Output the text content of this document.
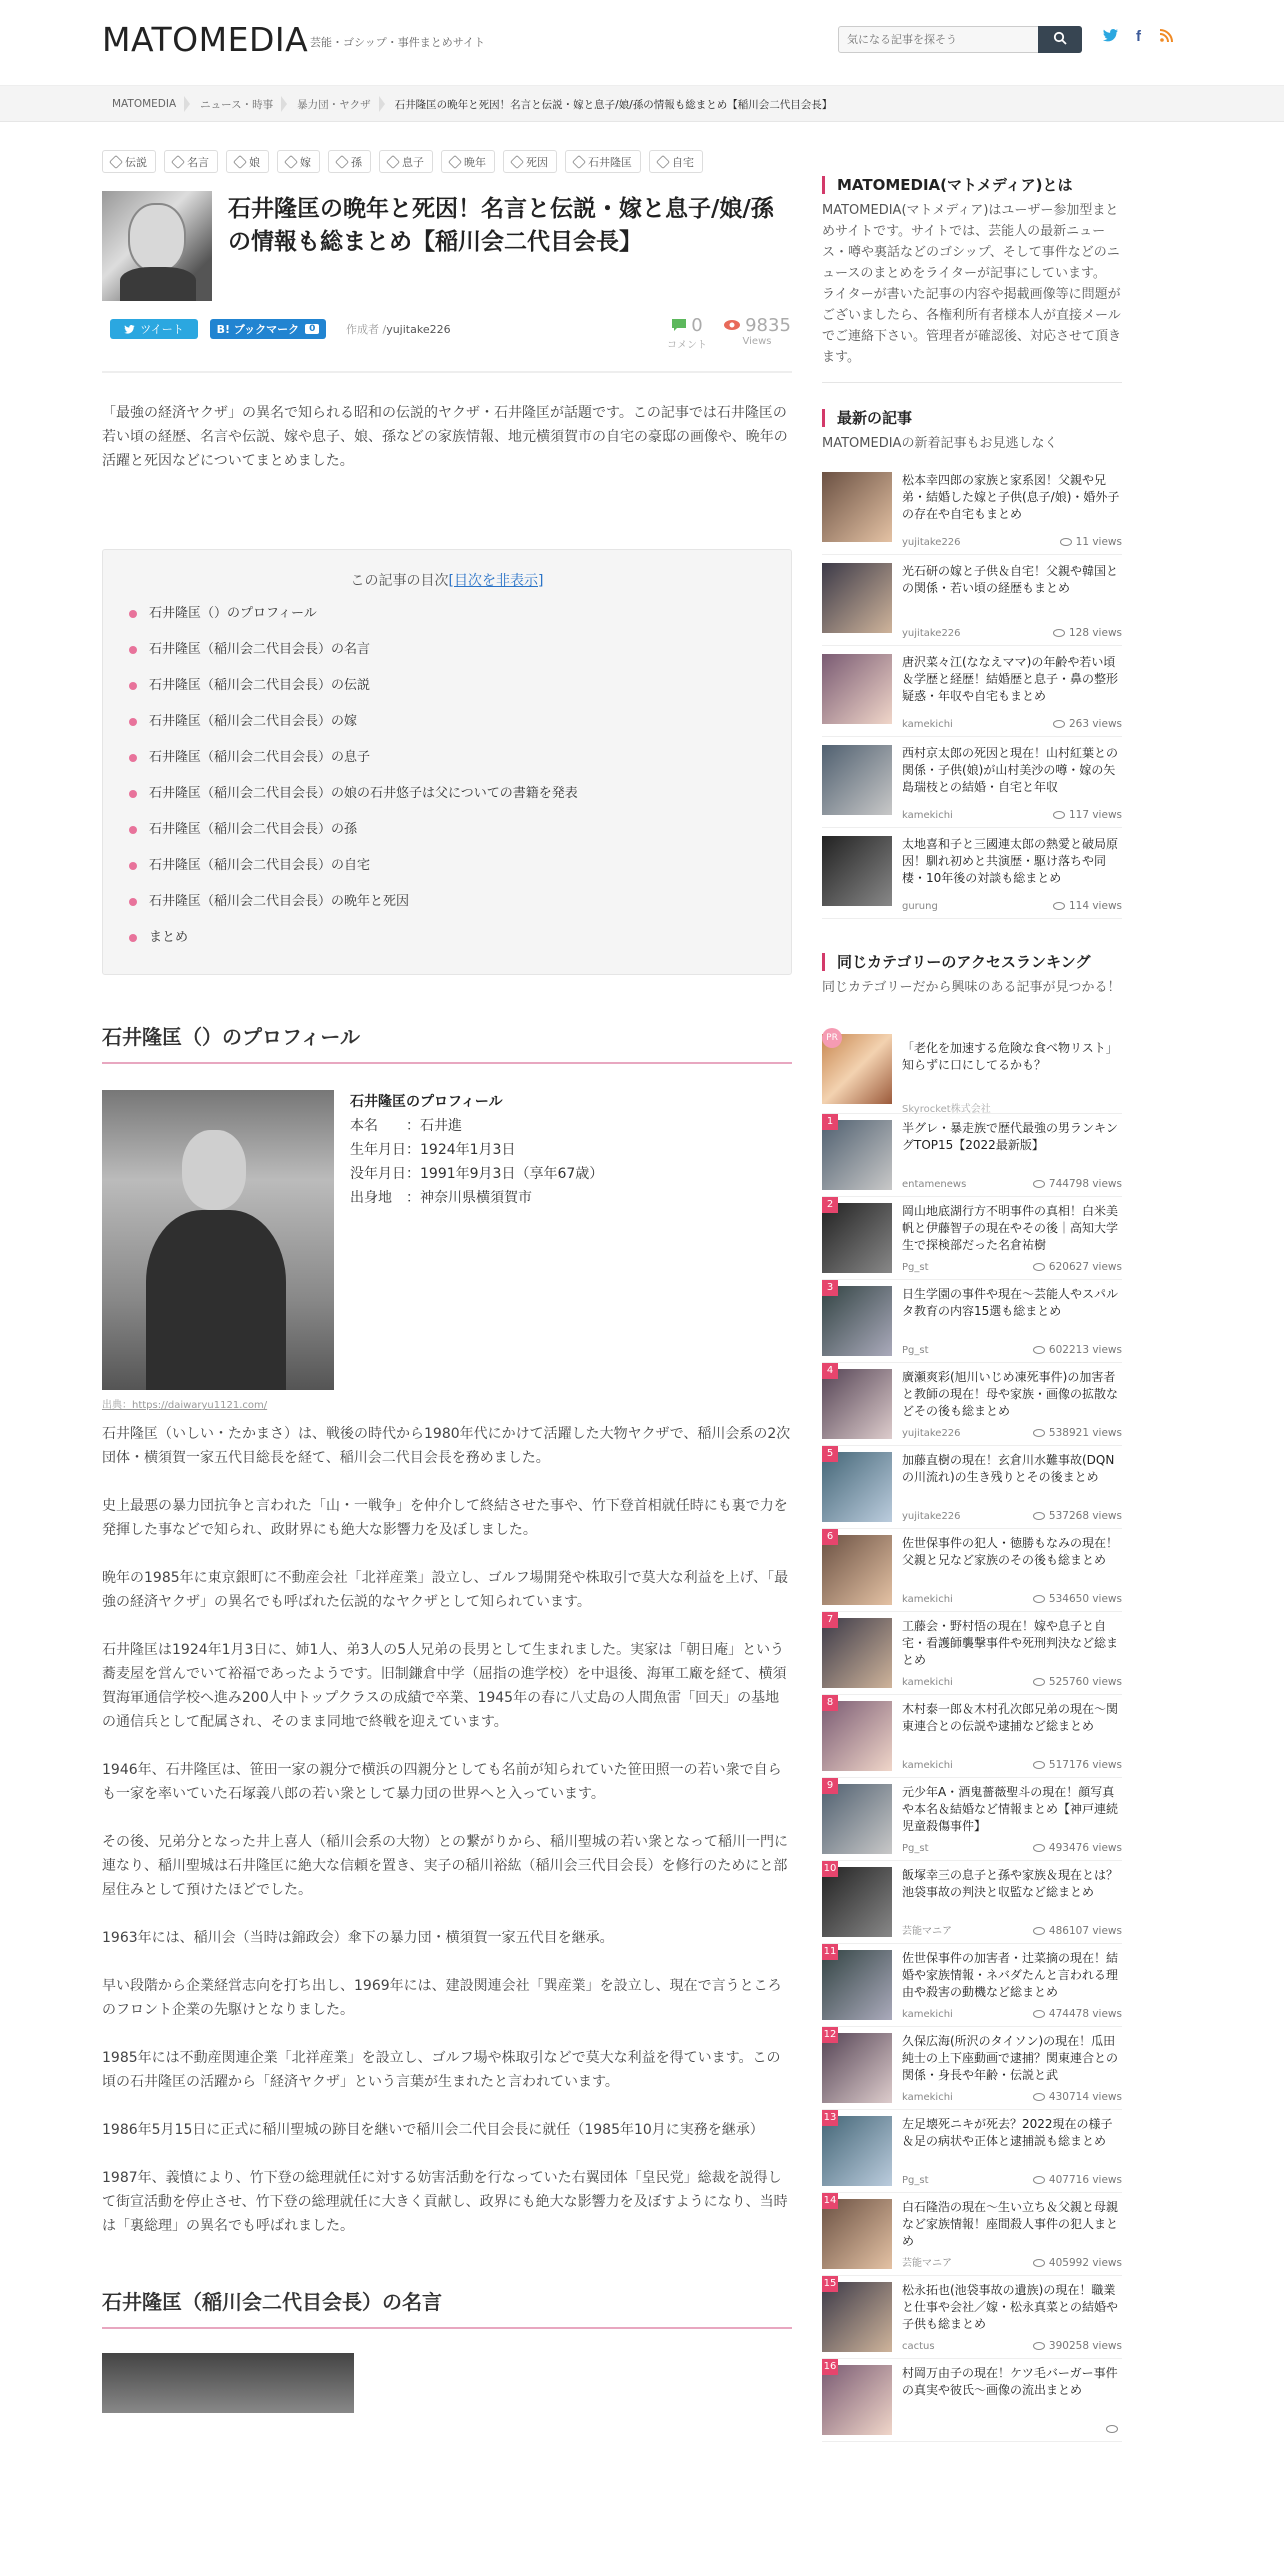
MATOMEDIA 芸能・ゴシップ・事件まとめサイト
気になる記事を探そう	f
MATOMEDIA	ニュース・時事	暴力団・ヤクザ	石井隆匡の晩年と死因！名言と伝説・嫁と息子/娘/孫の情報も総まとめ【稲川会二代目会長】
伝説	名言	娘	嫁	孫	息子	晩年	死因	石井隆匡	自宅
石井隆匡の晩年と死因！名言と伝説・嫁と息子/娘/孫の情報も総まとめ【稲川会二代目会長】
ツイート	B! ブックマーク	0	作成者 /yujitake226	0
コメント
9835
Views

「最強の経済ヤクザ」の異名で知られる昭和の伝説的ヤクザ・石井隆匡が話題です。この記事では石井隆匡の若い頃の経歴、名言や伝説、嫁や息子、娘、孫などの家族情報、地元横須賀市の自宅の豪邸の画像や、晩年の活躍と死因などについてまとめました。

この記事の目次[目次を非表示]
石井隆匡（）のプロフィール
石井隆匡（稲川会二代目会長）の名言
石井隆匡（稲川会二代目会長）の伝説
石井隆匡（稲川会二代目会長）の嫁
石井隆匡（稲川会二代目会長）の息子
石井隆匡（稲川会二代目会長）の娘の石井悠子は父についての書籍を発表
石井隆匡（稲川会二代目会長）の孫
石井隆匡（稲川会二代目会長）の自宅
石井隆匡（稲川会二代目会長）の晩年と死因
まとめ
石井隆匡（）のプロフィール
出典：https://daiwaryu1121.com/
石井隆匡のプロフィール
本名　　：石井進
生年月日：1924年1月3日
没年月日：1991年9月3日（享年67歳）
出身地　：神奈川県横須賀市

石井隆匡（いしい・たかまさ）は、戦後の時代から1980年代にかけて活躍した大物ヤクザで、稲川会系の2次団体・横須賀一家五代目総長を経て、稲川会二代目会長を務めました。

史上最悪の暴力団抗争と言われた「山・一戦争」を仲介して終結させた事や、竹下登首相就任時にも裏で力を発揮した事などで知られ、政財界にも絶大な影響力を及ぼしました。

晩年の1985年に東京銀町に不動産会社「北祥産業」設立し、ゴルフ場開発や株取引で莫大な利益を上げ、「最強の経済ヤクザ」の異名でも呼ばれた伝説的なヤクザとして知られています。

石井隆匡は1924年1月3日に、姉1人、弟3人の5人兄弟の長男として生まれました。実家は「朝日庵」という蕎麦屋を営んでいて裕福であったようです。旧制鎌倉中学（屈指の進学校）を中退後、海軍工廠を経て、横須賀海軍通信学校へ進み200人中トップクラスの成績で卒業、1945年の春に八丈島の人間魚雷「回天」の基地の通信兵として配属され、そのまま同地で終戦を迎えています。

1946年、石井隆匡は、笹田一家の親分で横浜の四親分としても名前が知られていた笹田照一の若い衆で自らも一家を率いていた石塚義八郎の若い衆として暴力団の世界へと入っています。

その後、兄弟分となった井上喜人（稲川会系の大物）との繋がりから、稲川聖城の若い衆となって稲川一門に連なり、稲川聖城は石井隆匡に絶大な信頼を置き、実子の稲川裕紘（稲川会三代目会長）を修行のためにと部屋住みとして預けたほどでした。

1963年には、稲川会（当時は錦政会）傘下の暴力団・横須賀一家五代目を継承。

早い段階から企業経営志向を打ち出し、1969年には、建設関連会社「巽産業」を設立し、現在で言うところのフロント企業の先駆けとなりました。

1985年には不動産関連企業「北祥産業」を設立し、ゴルフ場や株取引などで莫大な利益を得ています。この頃の石井隆匡の活躍から「経済ヤクザ」という言葉が生まれたと言われています。

1986年5月15日に正式に稲川聖城の跡目を継いで稲川会二代目会長に就任（1985年10月に実務を継承）

1987年、義憤により、竹下登の総理就任に対する妨害活動を行なっていた右翼団体「皇民党」総裁を説得して街宣活動を停止させ、竹下登の総理就任に大きく貢献し、政界にも絶大な影響力を及ぼすようになり、当時は「裏総理」の異名でも呼ばれました。

石井隆匡（稲川会二代目会長）の名言
MATOMEDIA(マトメディア)とは

MATOMEDIA(マトメディア)はユーザー参加型まとめサイトです。サイトでは、芸能人の最新ニュース・噂や裏話などのゴシップ、そして事件などのニュースのまとめをライターが記事にしています。 ライターが書いた記事の内容や掲載画像等に問題がございましたら、各権利所有者様本人が直接メールでご連絡下さい。管理者が確認後、対応させて頂きます。

最新の記事

MATOMEDIAの新着記事もお見逃しなく

松本幸四郎の家族と家系図！父親や兄弟・結婚した嫁と子供(息子/娘)・婚外子の存在や自宅もまとめ
yujitake226	11 views
光石研の嫁と子供＆自宅！父親や韓国との関係・若い頃の経歴もまとめ
yujitake226	128 views
唐沢菜々江(ななえママ)の年齢や若い頃＆学歴と経歴！結婚歴と息子・鼻の整形疑惑・年収や自宅もまとめ
kamekichi	263 views
西村京太郎の死因と現在！山村紅葉との関係・子供(娘)が山村美沙の噂・嫁の矢島瑞枝との結婚・自宅と年収
kamekichi	117 views
太地喜和子と三國連太郎の熱愛と破局原因！馴れ初めと共演歴・駆け落ちや同棲・10年後の対談も総まとめ
gurung	114 views
同じカテゴリーのアクセスランキング

同じカテゴリーだから興味のある記事が見つかる！

PR
「老化を加速する危険な食べ物リスト」知らずに口にしてるかも？
Skyrocket株式会社
1	半グレ・暴走族で歴代最強の男ランキングTOP15【2022最新版】
entamenews	744798 views
2	岡山地底湖行方不明事件の真相！白米美帆と伊藤智子の現在やその後｜高知大学生で探検部だった名倉祐樹
Pg_st	620627 views
3	日生学園の事件や現在～芸能人やスパルタ教育の内容15選も総まとめ
Pg_st	602213 views
4	廣瀬爽彩(旭川いじめ凍死事件)の加害者と教師の現在！母や家族・画像の拡散などその後も総まとめ
yujitake226	538921 views
5	加藤直樹の現在！玄倉川水難事故(DQNの川流れ)の生き残りとその後まとめ
yujitake226	537268 views
6	佐世保事件の犯人・徳勝もなみの現在！父親と兄など家族のその後も総まとめ
kamekichi	534650 views
7	工藤会・野村悟の現在！嫁や息子と自宅・看護師襲撃事件や死刑判決など総まとめ
kamekichi	525760 views
8	木村泰一郎＆木村孔次郎兄弟の現在～関東連合との伝説や逮捕など総まとめ
kamekichi	517176 views
9	元少年A・酒鬼薔薇聖斗の現在！顔写真や本名＆結婚など情報まとめ【神戸連続児童殺傷事件】
Pg_st	493476 views
10	飯塚幸三の息子と孫や家族＆現在とは？池袋事故の判決と収監など総まとめ
芸能マニア	486107 views
11	佐世保事件の加害者・辻菜摘の現在！結婚や家族情報・ネバダたんと言われる理由や殺害の動機など総まとめ
kamekichi	474478 views
12	久保広海(所沢のタイソン)の現在！瓜田純士の上下座動画で逮捕？関東連合との関係・身長や年齢・伝説と武
kamekichi	430714 views
13	左足壊死ニキが死去？2022現在の様子＆足の病状や正体と逮捕説も総まとめ
Pg_st	407716 views
14	白石隆浩の現在～生い立ち＆父親と母親など家族情報！座間殺人事件の犯人まとめ
芸能マニア	405992 views
15	松永拓也(池袋事故の遺族)の現在！職業と仕事や会社／嫁・松永真菜との結婚や子供も総まとめ
cactus	390258 views
16	村岡万由子の現在！ケツ毛バーガー事件の真実や彼氏～画像の流出まとめ
